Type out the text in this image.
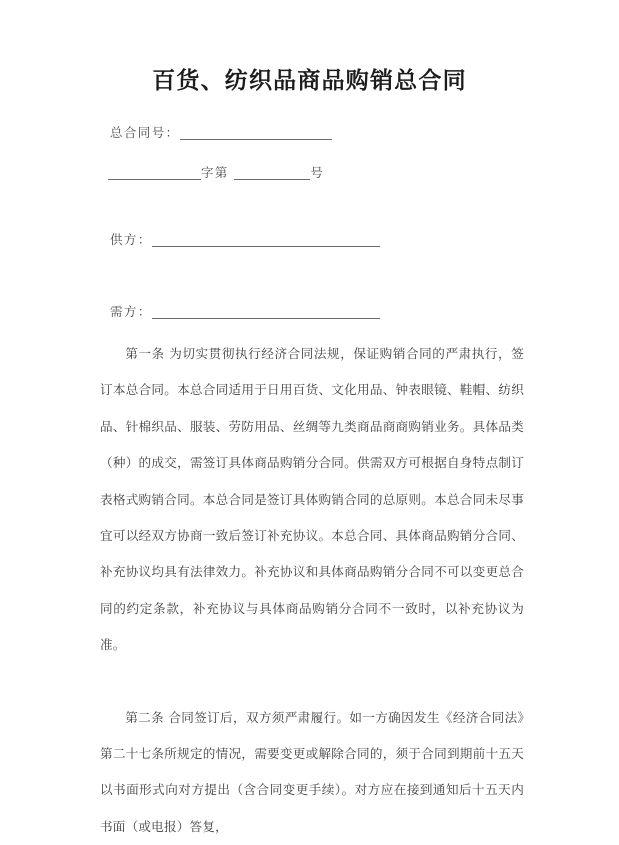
百货、纺织品商品购销总合同
总合同号：
字第	号
供方：
需方：

第一条 为切实贯彻执行经济合同法规，保证购销合同的严肃执行，签订本总合同。本总合同适用于日用百货、文化用品、钟表眼镜、鞋帽、纺织品、针棉织品、服装、劳防用品、丝绸等九类商品商商购销业务。具体品类（种）的成交，需签订具体商品购销分合同。供需双方可根据自身特点制订表格式购销合同。本总合同是签订具体购销合同的总原则。本总合同未尽事宜可以经双方协商一致后签订补充协议。本总合同、具体商品购销分合同、补充协议均具有法律效力。补充协议和具体商品购销分合同不可以变更总合同的约定条款，补充协议与具体商品购销分合同不一致时，以补充协议为准。

第二条 合同签订后，双方须严肃履行。如一方确因发生《经济合同法》第二十七条所规定的情况，需要变更或解除合同的，须于合同到期前十五天以书面形式向对方提出（含合同变更手续）。对方应在接到通知后十五天内书面（或电报）答复，
